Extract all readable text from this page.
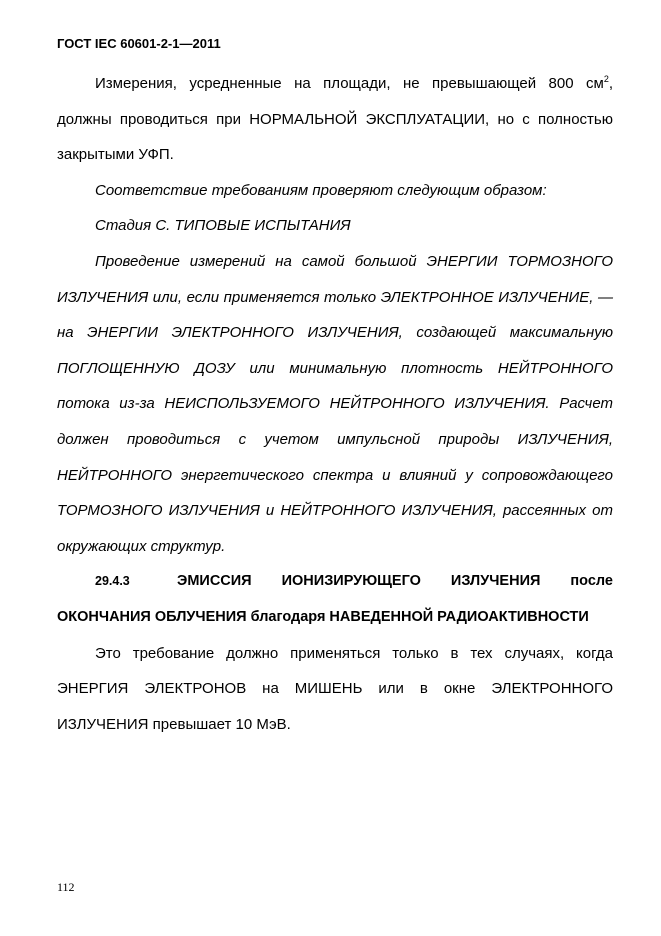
ГОСТ IEC 60601-2-1—2011

Измерения, усредненные на площади, не превышающей 800 $см^2$, должны проводиться при НОРМАЛЬНОЙ ЭКСПЛУАТАЦИИ, но с полностью закрытыми УФП.

Соответствие требованиям проверяют следующим образом:

Стадия С. ТИПОВЫЕ ИСПЫТАНИЯ

Проведение измерений на самой большой ЭНЕРГИИ ТОРМОЗНОГО ИЗЛУЧЕНИЯ или, если применяется только ЭЛЕКТРОННОЕ ИЗЛУЧЕНИЕ, — на ЭНЕРГИИ ЭЛЕКТРОННОГО ИЗЛУЧЕНИЯ, создающей максимальную ПОГЛОЩЕННУЮ ДОЗУ или минимальную плотность НЕЙТРОННОГО потока из-за НЕИСПОЛЬЗУЕМОГО НЕЙТРОННОГО ИЗЛУЧЕНИЯ. Расчет должен проводиться с учетом импульсной природы ИЗЛУЧЕНИЯ, НЕЙТРОННОГО энергетического спектра и влияний у сопровождающего ТОРМОЗНОГО ИЗЛУЧЕНИЯ и НЕЙТРОННОГО ИЗЛУЧЕНИЯ, рассеянных от окружающих структур.

29.4.3	ЭМИССИЯ ИОНИЗИРУЮЩЕГО ИЗЛУЧЕНИЯ после ОКОНЧАНИЯ ОБЛУЧЕНИЯ благодаря НАВЕДЕННОЙ РАДИОАКТИВНОСТИ

Это требование должно применяться только в тех случаях, когда ЭНЕРГИЯ ЭЛЕКТРОНОВ на МИШЕНЬ или в окне ЭЛЕКТРОННОГО ИЗЛУЧЕНИЯ превышает 10 МэВ.

112
